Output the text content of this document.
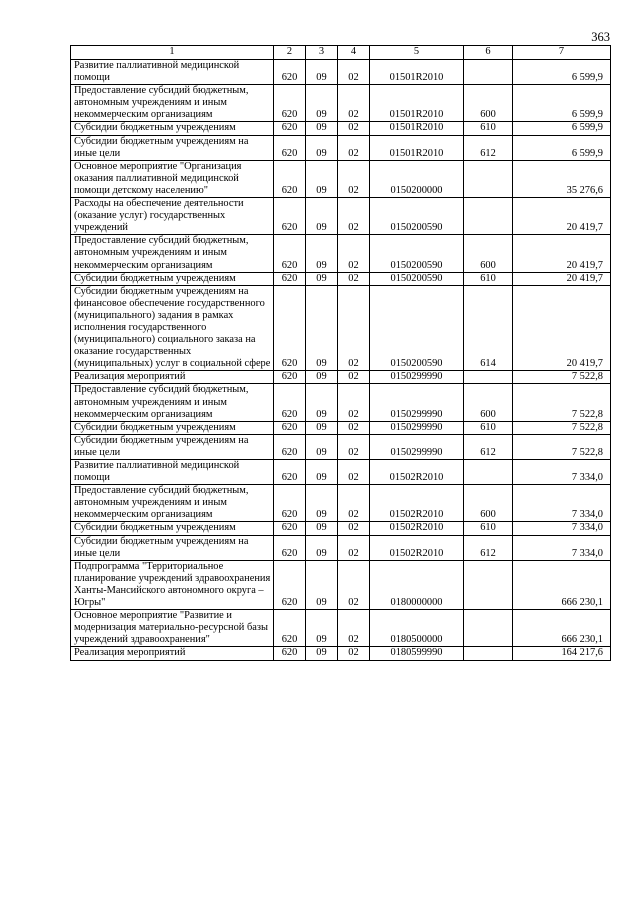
363
1	2	3	4	5	6	7
Развитие паллиативной медицинской помощи	620	09	02	01501R2010		6 599,9
Предоставление субсидий бюджетным, автономным учреждениям и иным некоммерческим организациям	620	09	02	01501R2010	600	6 599,9
Субсидии бюджетным учреждениям	620	09	02	01501R2010	610	6 599,9
Субсидии бюджетным учреждениям на иные цели	620	09	02	01501R2010	612	6 599,9
Основное мероприятие "Организация оказания паллиативной медицинской помощи детскому населению"	620	09	02	0150200000		35 276,6
Расходы на обеспечение деятельности (оказание услуг) государственных учреждений	620	09	02	0150200590		20 419,7
Предоставление субсидий бюджетным, автономным учреждениям и иным некоммерческим организациям	620	09	02	0150200590	600	20 419,7
Субсидии бюджетным учреждениям	620	09	02	0150200590	610	20 419,7
Субсидии бюджетным учреждениям на финансовое обеспечение государственного (муниципального) задания в рамках исполнения государственного (муниципального) социального заказа на оказание государственных (муниципальных) услуг в социальной сфере	620	09	02	0150200590	614	20 419,7
Реализация мероприятий	620	09	02	0150299990		7 522,8
Предоставление субсидий бюджетным, автономным учреждениям и иным некоммерческим организациям	620	09	02	0150299990	600	7 522,8
Субсидии бюджетным учреждениям	620	09	02	0150299990	610	7 522,8
Субсидии бюджетным учреждениям на иные цели	620	09	02	0150299990	612	7 522,8
Развитие паллиативной медицинской помощи	620	09	02	01502R2010		7 334,0
Предоставление субсидий бюджетным, автономным учреждениям и иным некоммерческим организациям	620	09	02	01502R2010	600	7 334,0
Субсидии бюджетным учреждениям	620	09	02	01502R2010	610	7 334,0
Субсидии бюджетным учреждениям на иные цели	620	09	02	01502R2010	612	7 334,0
Подпрограмма "Территориальное планирование учреждений здравоохранения Ханты-Мансийского автономного округа – Югры"	620	09	02	0180000000		666 230,1
Основное мероприятие "Развитие и модернизация материально-ресурсной базы учреждений здравоохранения"	620	09	02	0180500000		666 230,1
Реализация мероприятий	620	09	02	0180599990		164 217,6
